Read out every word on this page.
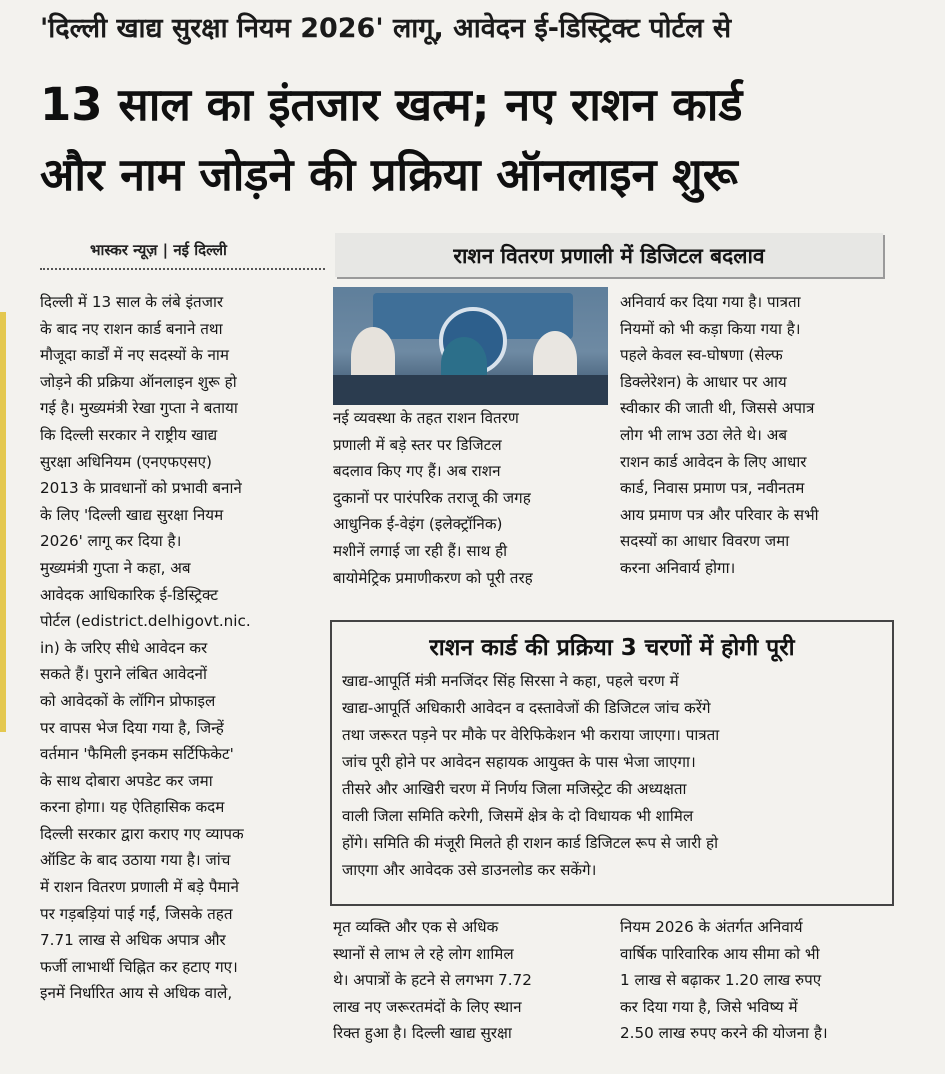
'दिल्ली खाद्य सुरक्षा नियम 2026' लागू, आवेदन ई-डिस्ट्रिक्ट पोर्टल से
13 साल का इंतजार खत्म; नए राशन कार्ड
और नाम जोड़ने की प्रक्रिया ऑनलाइन शुरू
भास्कर न्यूज़ | नई दिल्ली	राशन वितरण प्रणाली में डिजिटल बदलाव
दिल्ली में 13 साल के लंबे इंतजार
के बाद नए राशन कार्ड बनाने तथा
मौजूदा कार्डों में नए सदस्यों के नाम
जोड़ने की प्रक्रिया ऑनलाइन शुरू हो
गई है। मुख्यमंत्री रेखा गुप्ता ने बताया
कि दिल्ली सरकार ने राष्ट्रीय खाद्य
सुरक्षा अधिनियम (एनएफएसए)
2013 के प्रावधानों को प्रभावी बनाने
के लिए 'दिल्ली खाद्य सुरक्षा नियम
2026' लागू कर दिया है।
मुख्यमंत्री गुप्ता ने कहा, अब
आवेदक आधिकारिक ई-डिस्ट्रिक्ट
पोर्टल (edistrict.delhigovt.nic.
in) के जरिए सीधे आवेदन कर
सकते हैं। पुराने लंबित आवेदनों
को आवेदकों के लॉगिन प्रोफाइल
पर वापस भेज दिया गया है, जिन्हें
वर्तमान 'फैमिली इनकम सर्टिफिकेट'
के साथ दोबारा अपडेट कर जमा
करना होगा। यह ऐतिहासिक कदम
दिल्ली सरकार द्वारा कराए गए व्यापक
ऑडिट के बाद उठाया गया है। जांच
में राशन वितरण प्रणाली में बड़े पैमाने
पर गड़बड़ियां पाई गईं, जिसके तहत
7.71 लाख से अधिक अपात्र और
फर्जी लाभार्थी चिह्नित कर हटाए गए।
इनमें निर्धारित आय से अधिक वाले,
नई व्यवस्था के तहत राशन वितरण
प्रणाली में बड़े स्तर पर डिजिटल
बदलाव किए गए हैं। अब राशन
दुकानों पर पारंपरिक तराजू की जगह
आधुनिक ई-वेइंग (इलेक्ट्रॉनिक)
मशीनें लगाई जा रही हैं। साथ ही
बायोमेट्रिक प्रमाणीकरण को पूरी तरह
अनिवार्य कर दिया गया है। पात्रता
नियमों को भी कड़ा किया गया है।
पहले केवल स्व-घोषणा (सेल्फ
डिक्लेरेशन) के आधार पर आय
स्वीकार की जाती थी, जिससे अपात्र
लोग भी लाभ उठा लेते थे। अब
राशन कार्ड आवेदन के लिए आधार
कार्ड, निवास प्रमाण पत्र, नवीनतम
आय प्रमाण पत्र और परिवार के सभी
सदस्यों का आधार विवरण जमा
करना अनिवार्य होगा।
राशन कार्ड की प्रक्रिया 3 चरणों में होगी पूरी
खाद्य-आपूर्ति मंत्री मनजिंदर सिंह सिरसा ने कहा, पहले चरण में
खाद्य-आपूर्ति अधिकारी आवेदन व दस्तावेजों की डिजिटल जांच करेंगे
तथा जरूरत पड़ने पर मौके पर वेरिफिकेशन भी कराया जाएगा। पात्रता
जांच पूरी होने पर आवेदन सहायक आयुक्त के पास भेजा जाएगा।
तीसरे और आखिरी चरण में निर्णय जिला मजिस्ट्रेट की अध्यक्षता
वाली जिला समिति करेगी, जिसमें क्षेत्र के दो विधायक भी शामिल
होंगे। समिति की मंजूरी मिलते ही राशन कार्ड डिजिटल रूप से जारी हो
जाएगा और आवेदक उसे डाउनलोड कर सकेंगे।
मृत व्यक्ति और एक से अधिक
स्थानों से लाभ ले रहे लोग शामिल
थे। अपात्रों के हटने से लगभग 7.72
लाख नए जरूरतमंदों के लिए स्थान
रिक्त हुआ है। दिल्ली खाद्य सुरक्षा
नियम 2026 के अंतर्गत अनिवार्य
वार्षिक पारिवारिक आय सीमा को भी
1 लाख से बढ़ाकर 1.20 लाख रुपए
कर दिया गया है, जिसे भविष्य में
2.50 लाख रुपए करने की योजना है।
